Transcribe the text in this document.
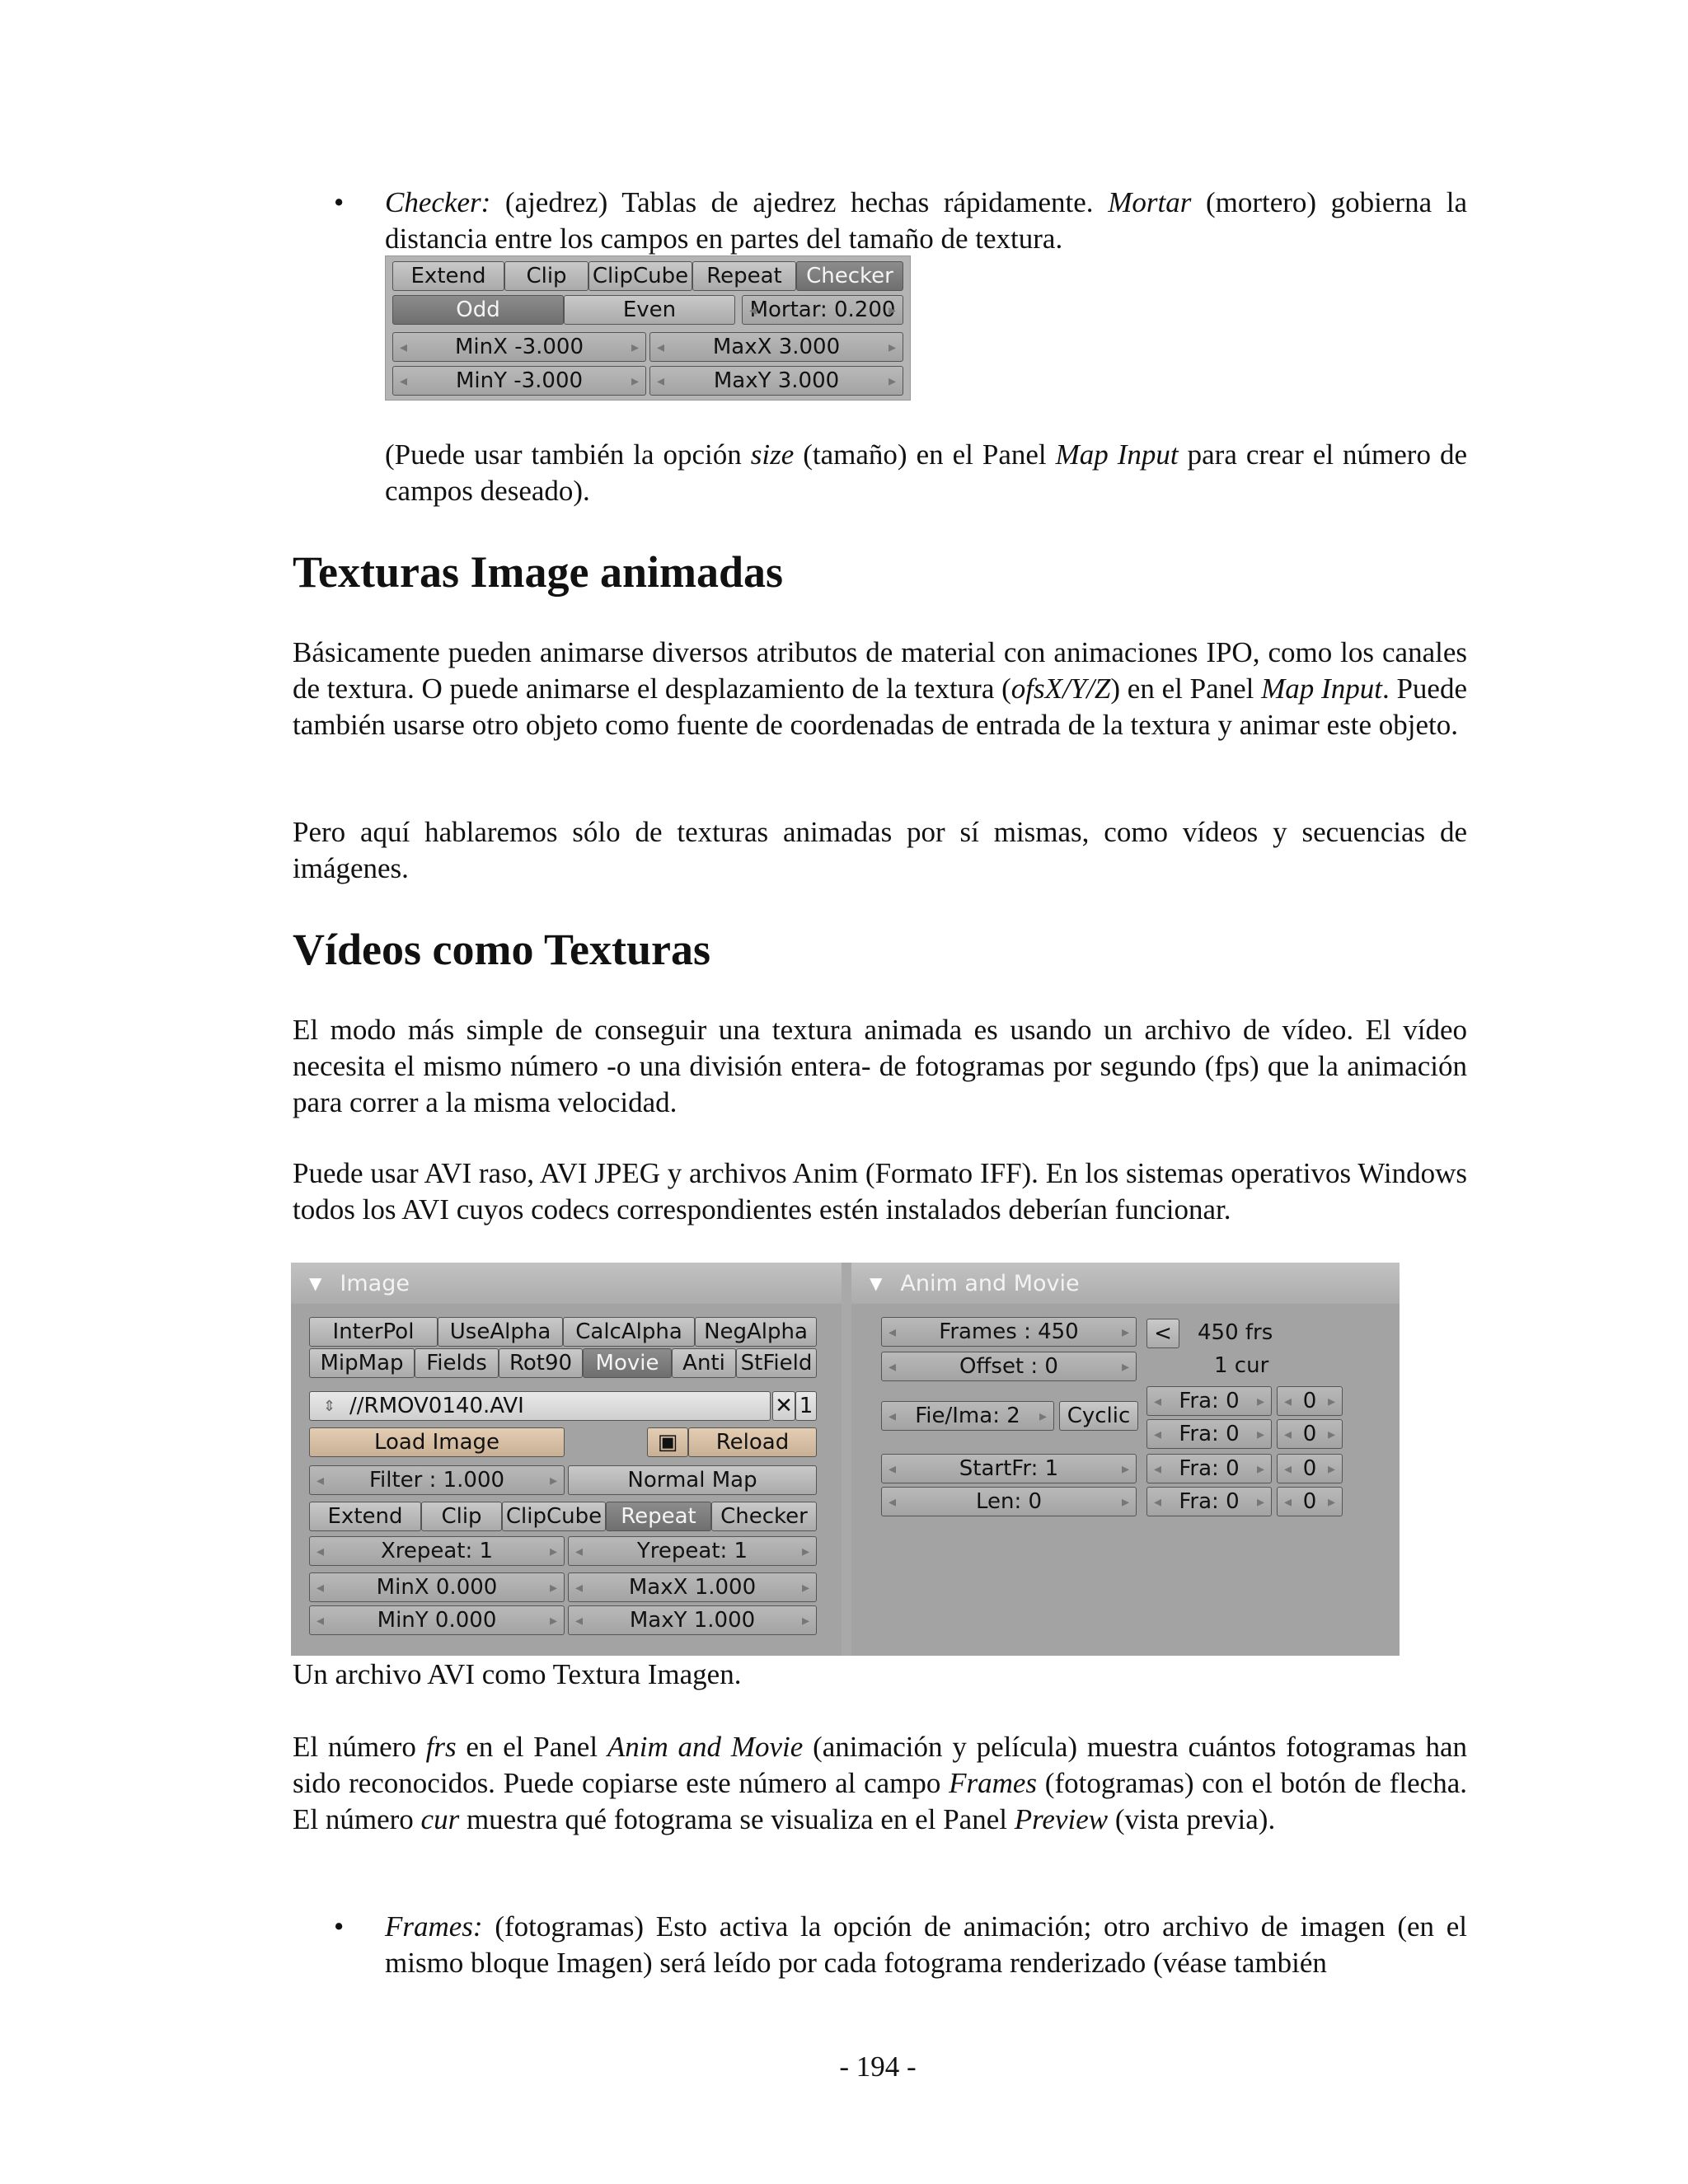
• Checker: (ajedrez) Tablas de ajedrez hechas rápidamente. Mortar (mortero) gobierna la distancia entre los campos en partes del tamaño de textura.

Extend	Clip	ClipCube Repeat	Checker
Odd	Even	◂ Mortar: 0.200 ▸
◂ MinX -3.000 ▸	◂ MaxX 3.000 ▸
◂ MinY -3.000 ▸	◂ MaxY 3.000 ▸

(Puede usar también la opción size (tamaño) en el Panel Map Input para crear el número de campos deseado).

Texturas Image animadas

Básicamente pueden animarse diversos atributos de material con animaciones IPO, como los canales de textura. O puede animarse el desplazamiento de la textura (ofsX/Y/Z) en el Panel Map Input. Puede también usarse otro objeto como fuente de coordenadas de entrada de la textura y animar este objeto.

Pero aquí hablaremos sólo de texturas animadas por sí mismas, como vídeos y secuencias de imágenes.

Vídeos como Texturas

El modo más simple de conseguir una textura animada es usando un archivo de vídeo. El vídeo necesita el mismo número -o una división entera- de fotogramas por segundo (fps) que la animación para correr a la misma velocidad.

Puede usar AVI raso, AVI JPEG y archivos Anim (Formato IFF). En los sistemas operativos Windows todos los AVI cuyos codecs correspondientes estén instalados deberían funcionar.

▼ Image
InterPol	UseAlpha	CalcAlpha	NegAlpha
MipMap	Fields	Rot90	Movie	Anti StField
⇕ //RMOV0140.AVI	✕ 1
Load Image	▣	Reload
◂ Filter : 1.000 ▸	Normal Map
Extend	Clip	ClipCube Repeat	Checker
◂ Xrepeat: 1 ▸	◂ Yrepeat: 1 ▸
◂ MinX 0.000 ▸	◂ MaxX 1.000 ▸
◂ MinY 0.000 ▸	◂ MaxY 1.000 ▸
▼ Anim and Movie
◂ Frames : 450 ▸	<	450 frs
◂ Offset : 0 ▸	1 cur
◂ Fie/Ima: 2 ▸	Cyclic
◂ StartFr: 1 ▸
◂ Len: 0 ▸
◂ Fra: 0 ▸	◂ 0 ▸
◂ Fra: 0 ▸	◂ 0 ▸
◂ Fra: 0 ▸	◂ 0 ▸
◂ Fra: 0 ▸	◂ 0 ▸
Un archivo AVI como Textura Imagen.

El número frs en el Panel Anim and Movie (animación y película) muestra cuántos fotogramas han sido reconocidos. Puede copiarse este número al campo Frames (fotogramas) con el botón de flecha. El número cur muestra qué fotograma se visualiza en el Panel Preview (vista previa).

• Frames: (fotogramas) Esto activa la opción de animación; otro archivo de imagen (en el mismo bloque Imagen) será leído por cada fotograma renderizado (véase también

- 194 -
